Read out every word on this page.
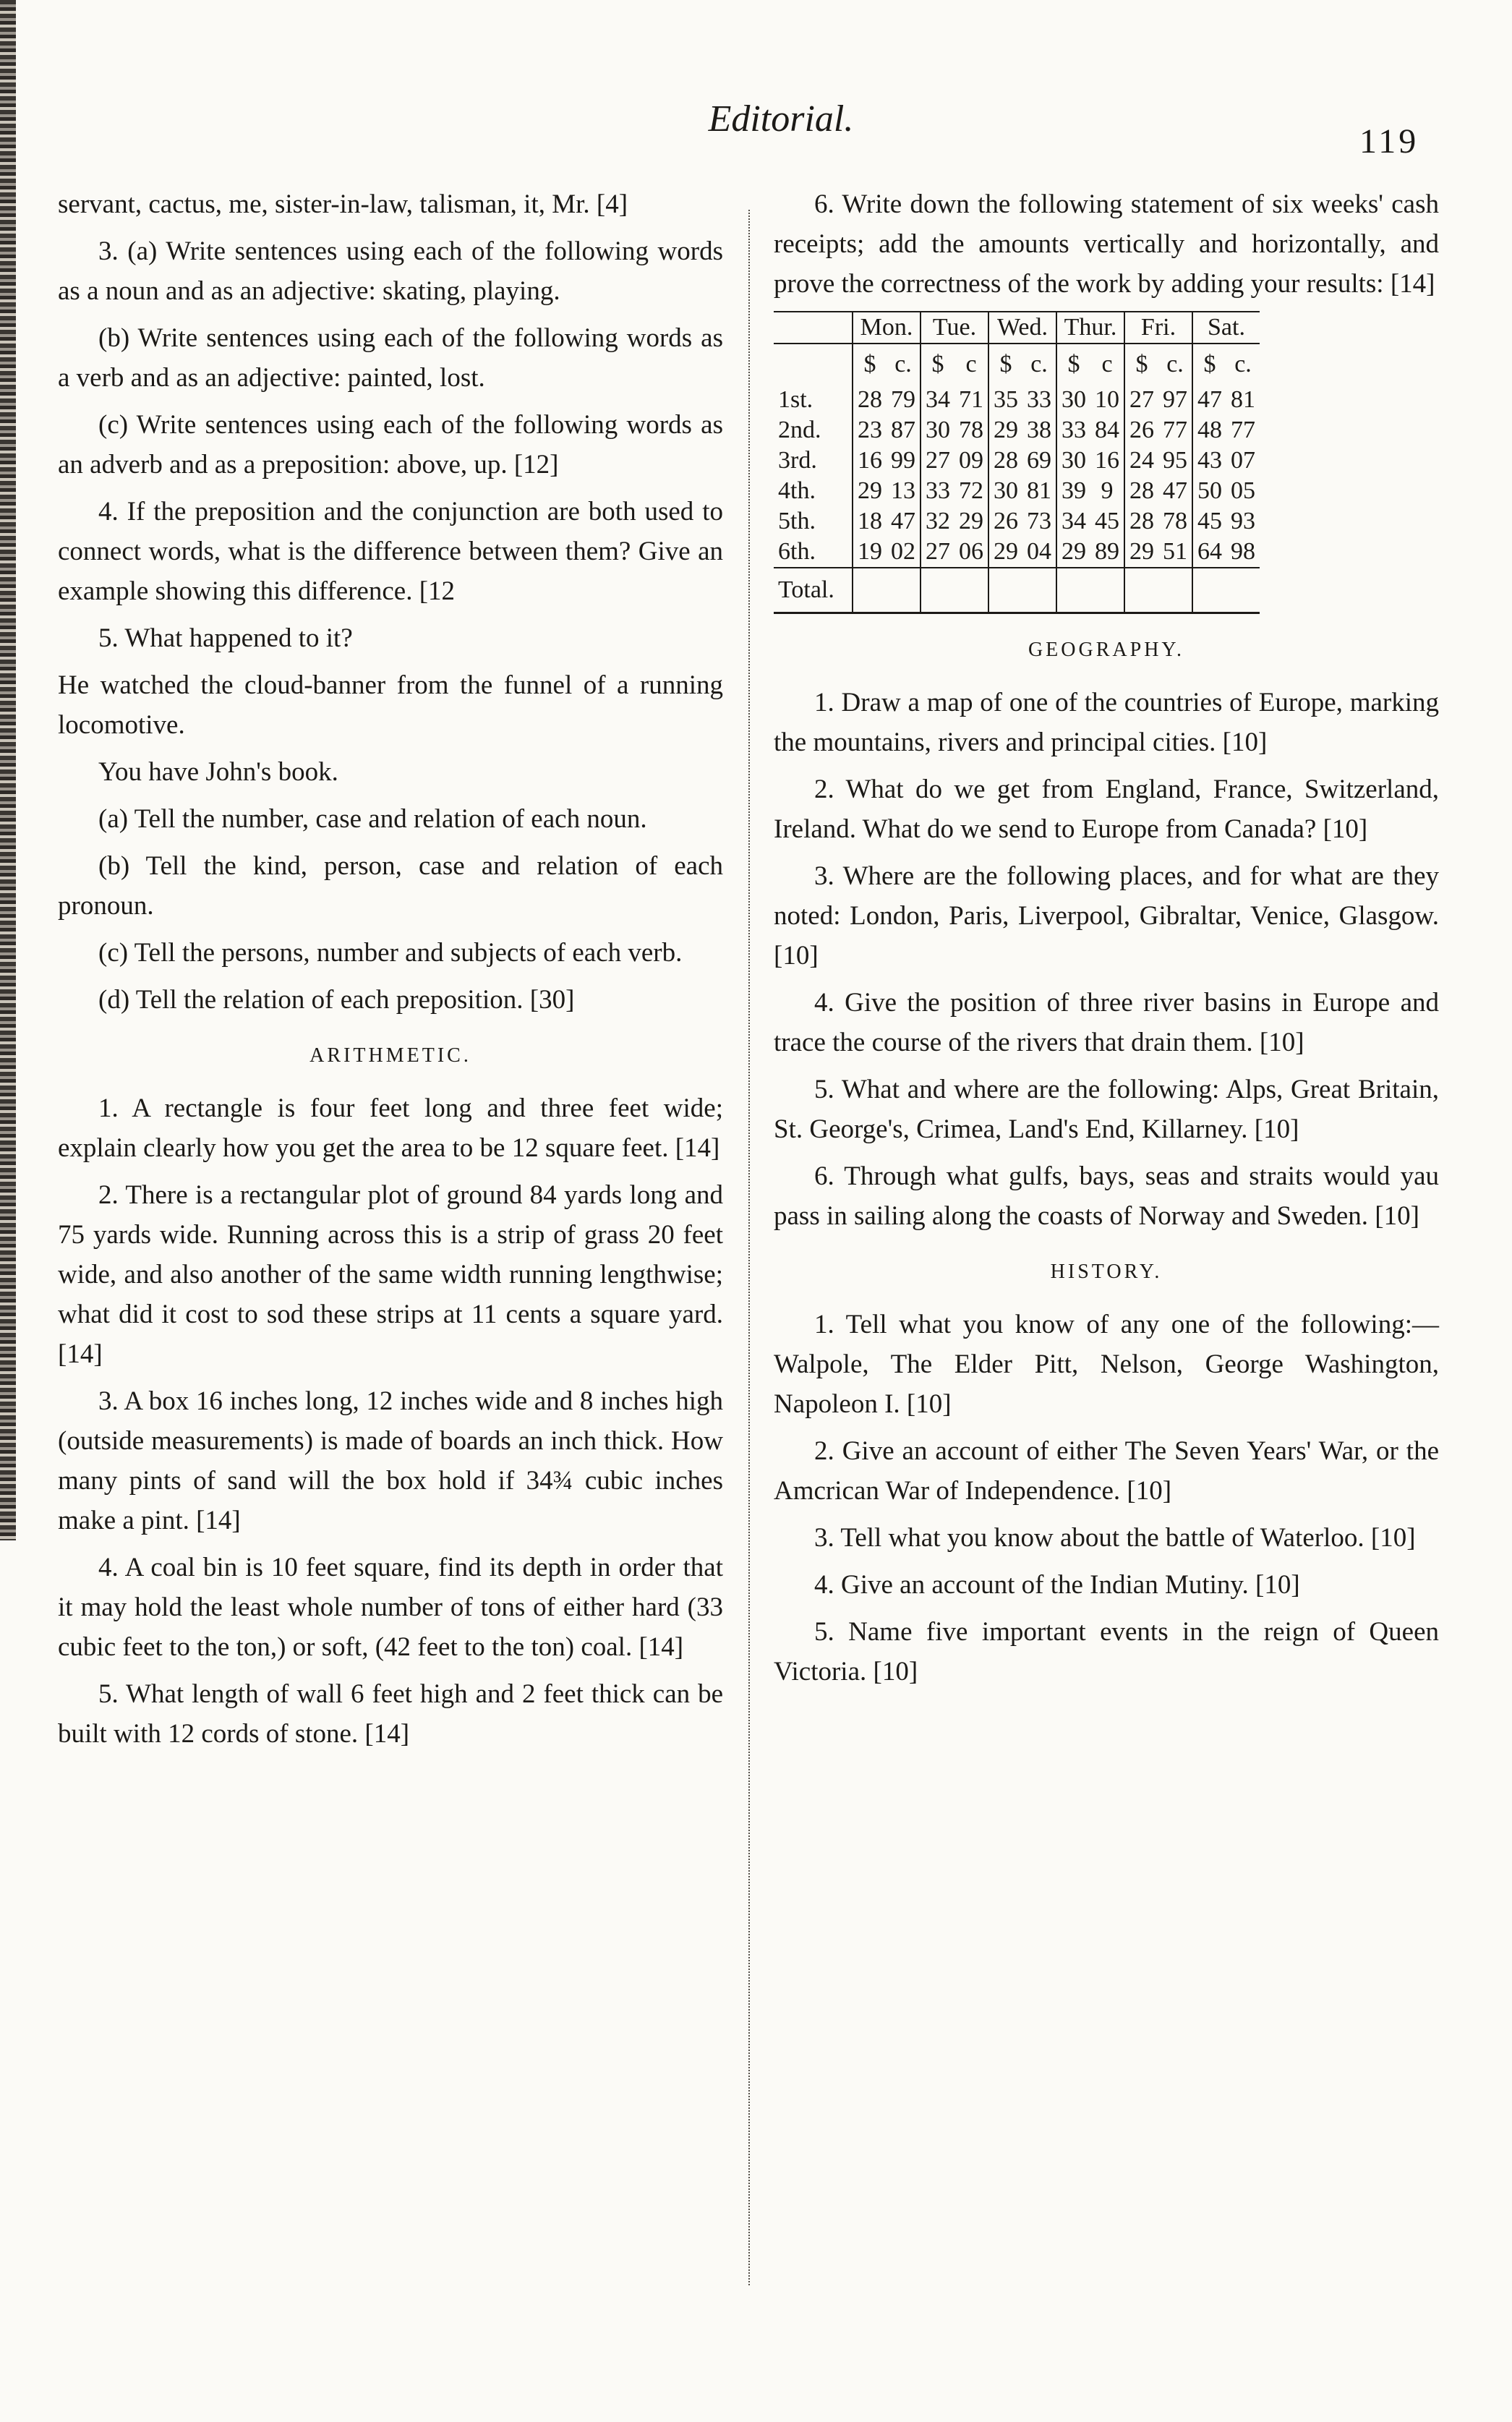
Editorial.
119

servant, cactus, me, sister-in-law, talisman, it, Mr. [4]

3. (a) Write sentences using each of the following words as a noun and as an adjective: skating, playing.

(b) Write sentences using each of the following words as a verb and as an adjective: painted, lost.

(c) Write sentences using each of the following words as an adverb and as a preposition: above, up. [12]

4. If the preposition and the conjunction are both used to connect words, what is the difference between them? Give an example showing this difference. [12

5. What happened to it?

He watched the cloud-banner from the funnel of a running locomotive.

You have John's book.

(a) Tell the number, case and relation of each noun.

(b) Tell the kind, person, case and relation of each pronoun.

(c) Tell the persons, number and subjects of each verb.

(d) Tell the relation of each preposition. [30]

ARITHMETIC.

1. A rectangle is four feet long and three feet wide; explain clearly how you get the area to be 12 square feet. [14]

2. There is a rectangular plot of ground 84 yards long and 75 yards wide. Running across this is a strip of grass 20 feet wide, and also another of the same width running lengthwise; what did it cost to sod these strips at 11 cents a square yard. [14]

3. A box 16 inches long, 12 inches wide and 8 inches high (outside measurements) is made of boards an inch thick. How many pints of sand will the box hold if 34¾ cubic inches make a pint. [14]

4. A coal bin is 10 feet square, find its depth in order that it may hold the least whole number of tons of either hard (33 cubic feet to the ton,) or soft, (42 feet to the ton) coal. [14]

5. What length of wall 6 feet high and 2 feet thick can be built with 12 cords of stone. [14]

6. Write down the following statement of six weeks' cash receipts; add the amounts vertically and horizontally, and prove the correctness of the work by adding your results: [14]

	Mon.		Tue.		Wed.		Thur.		Fri.		Sat.	
	$	c.	$	c	$	c.	$	c	$	c.	$	c.
1st.	28	79	34	71	35	33	30	10	27	97	47	81
2nd.	23	87	30	78	29	38	33	84	26	77	48	77
3rd.	16	99	27	09	28	69	30	16	24	95	43	07
4th.	29	13	33	72	30	81	39	9	28	47	50	05
5th.	18	47	32	29	26	73	34	45	28	78	45	93
6th.	19	02	27	06	29	04	29	89	29	51	64	98
Total.												
GEOGRAPHY.

1. Draw a map of one of the countries of Europe, marking the mountains, rivers and principal cities. [10]

2. What do we get from England, France, Switzerland, Ireland. What do we send to Europe from Canada? [10]

3. Where are the following places, and for what are they noted: London, Paris, Liverpool, Gibraltar, Venice, Glasgow. [10]

4. Give the position of three river basins in Europe and trace the course of the rivers that drain them. [10]

5. What and where are the following: Alps, Great Britain, St. George's, Crimea, Land's End, Killarney. [10]

6. Through what gulfs, bays, seas and straits would yau pass in sailing along the coasts of Norway and Sweden. [10]

HISTORY.

1. Tell what you know of any one of the following:—Walpole, The Elder Pitt, Nelson, George Washington, Napoleon I. [10]

2. Give an account of either The Seven Years' War, or the Amcrican War of Independence. [10]

3. Tell what you know about the battle of Waterloo. [10]

4. Give an account of the Indian Mutiny. [10]

5. Name five important events in the reign of Queen Victoria. [10]
